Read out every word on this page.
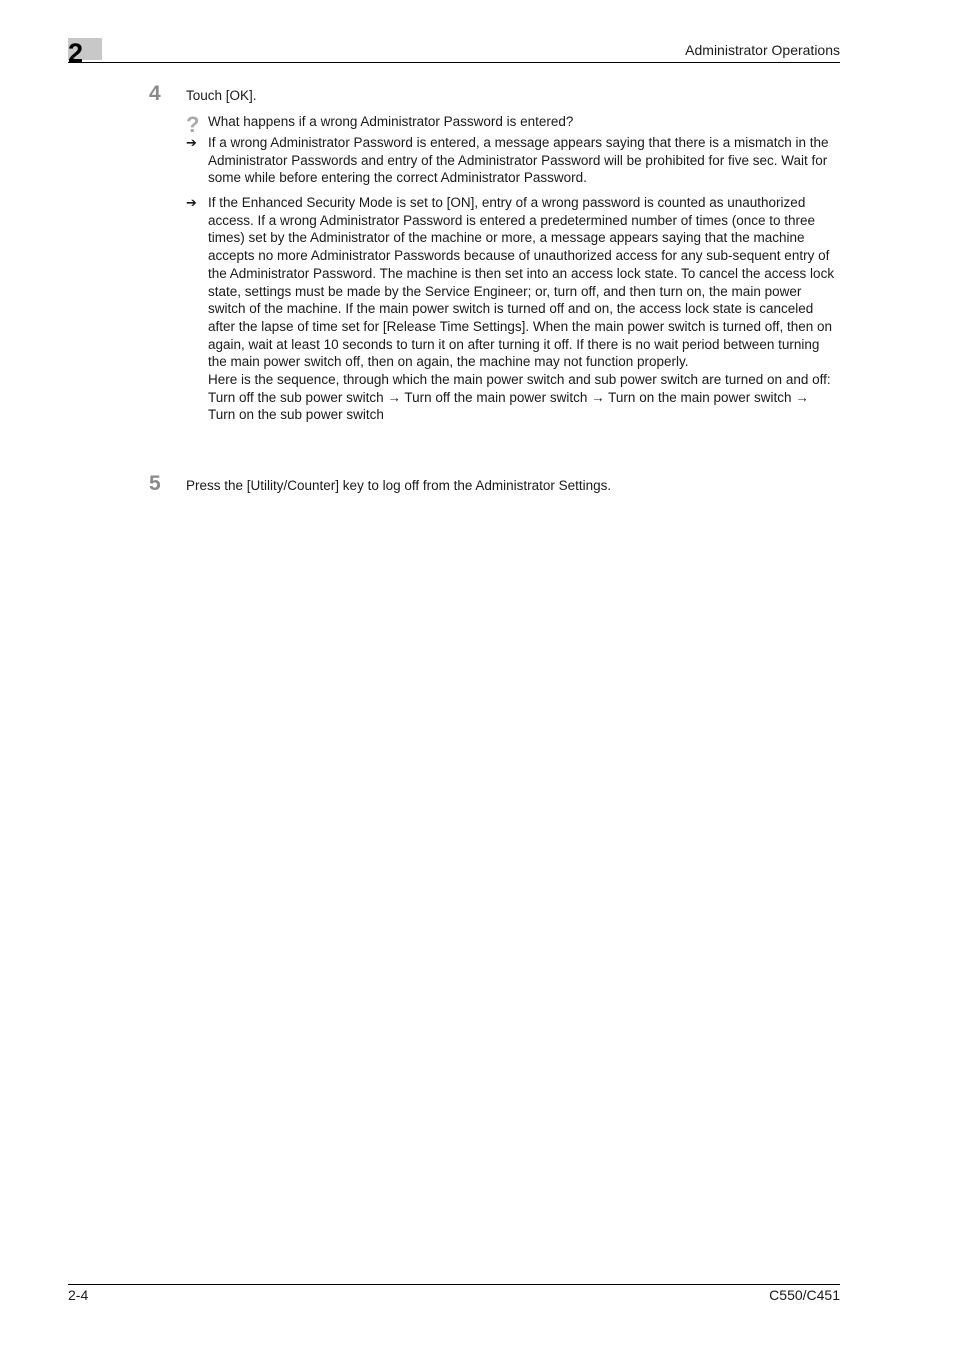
2	Administrator Operations
4 Touch [OK].
? What happens if a wrong Administrator Password is entered?
➔ If a wrong Administrator Password is entered, a message appears saying that there is a mismatch in the Administrator Passwords and entry of the Administrator Password will be prohibited for five sec. Wait for some while before entering the correct Administrator Password.

➔ If the Enhanced Security Mode is set to [ON], entry of a wrong password is counted as unauthorized access. If a wrong Administrator Password is entered a predetermined number of times (once to three times) set by the Administrator of the machine or more, a message appears saying that the machine accepts no more Administrator Passwords because of unauthorized access for any sub-sequent entry of the Administrator Password. The machine is then set into an access lock state. To cancel the access lock state, settings must be made by the Service Engineer; or, turn off, and then turn on, the main power switch of the machine. If the main power switch is turned off and on, the access lock state is canceled after the lapse of time set for [Release Time Settings]. When the main power switch is turned off, then on again, wait at least 10 seconds to turn it on after turning it off. If there is no wait period between turning the main power switch off, then on again, the machine may not function properly.

Here is the sequence, through which the main power switch and sub power switch are turned on and off:

Turn off the sub power switch → Turn off the main power switch → Turn on the main power switch → Turn on the sub power switch

5 Press the [Utility/Counter] key to log off from the Administrator Settings.
2-4	C550/C451
